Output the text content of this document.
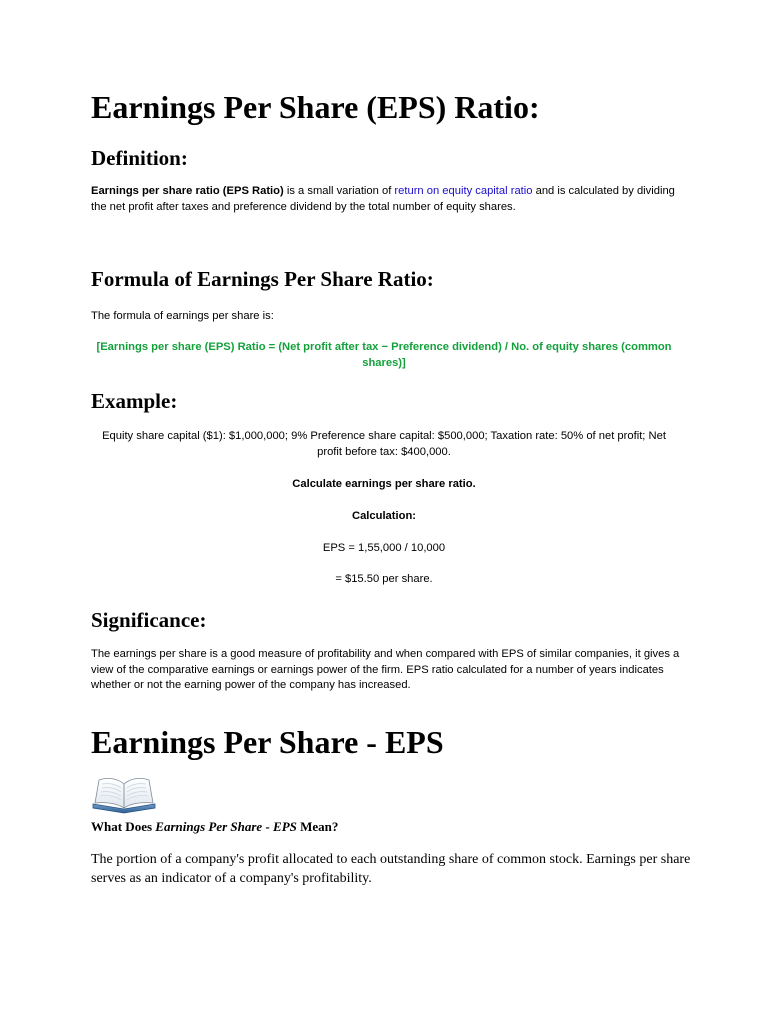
Earnings Per Share (EPS) Ratio:
Definition:

Earnings per share ratio (EPS Ratio) is a small variation of return on equity capital ratio and is calculated by dividing the net profit after taxes and preference dividend by the total number of equity shares.

Formula of Earnings Per Share Ratio:

The formula of earnings per share is:

[Earnings per share (EPS) Ratio = (Net profit after tax − Preference dividend) / No. of equity shares (common shares)]

Example:

Equity share capital ($1): $1,000,000; 9% Preference share capital: $500,000; Taxation rate: 50% of net profit; Net profit before tax: $400,000.

Calculate earnings per share ratio.

Calculation:

EPS = 1,55,000 / 10,000

= $15.50 per share.

Significance:

The earnings per share is a good measure of profitability and when compared with EPS of similar companies, it gives a view of the comparative earnings or earnings power of the firm. EPS ratio calculated for a number of years indicates whether or not the earning power of the company has increased.

Earnings Per Share - EPS

What Does Earnings Per Share - EPS Mean?

The portion of a company's profit allocated to each outstanding share of common stock. Earnings per share serves as an indicator of a company's profitability.
